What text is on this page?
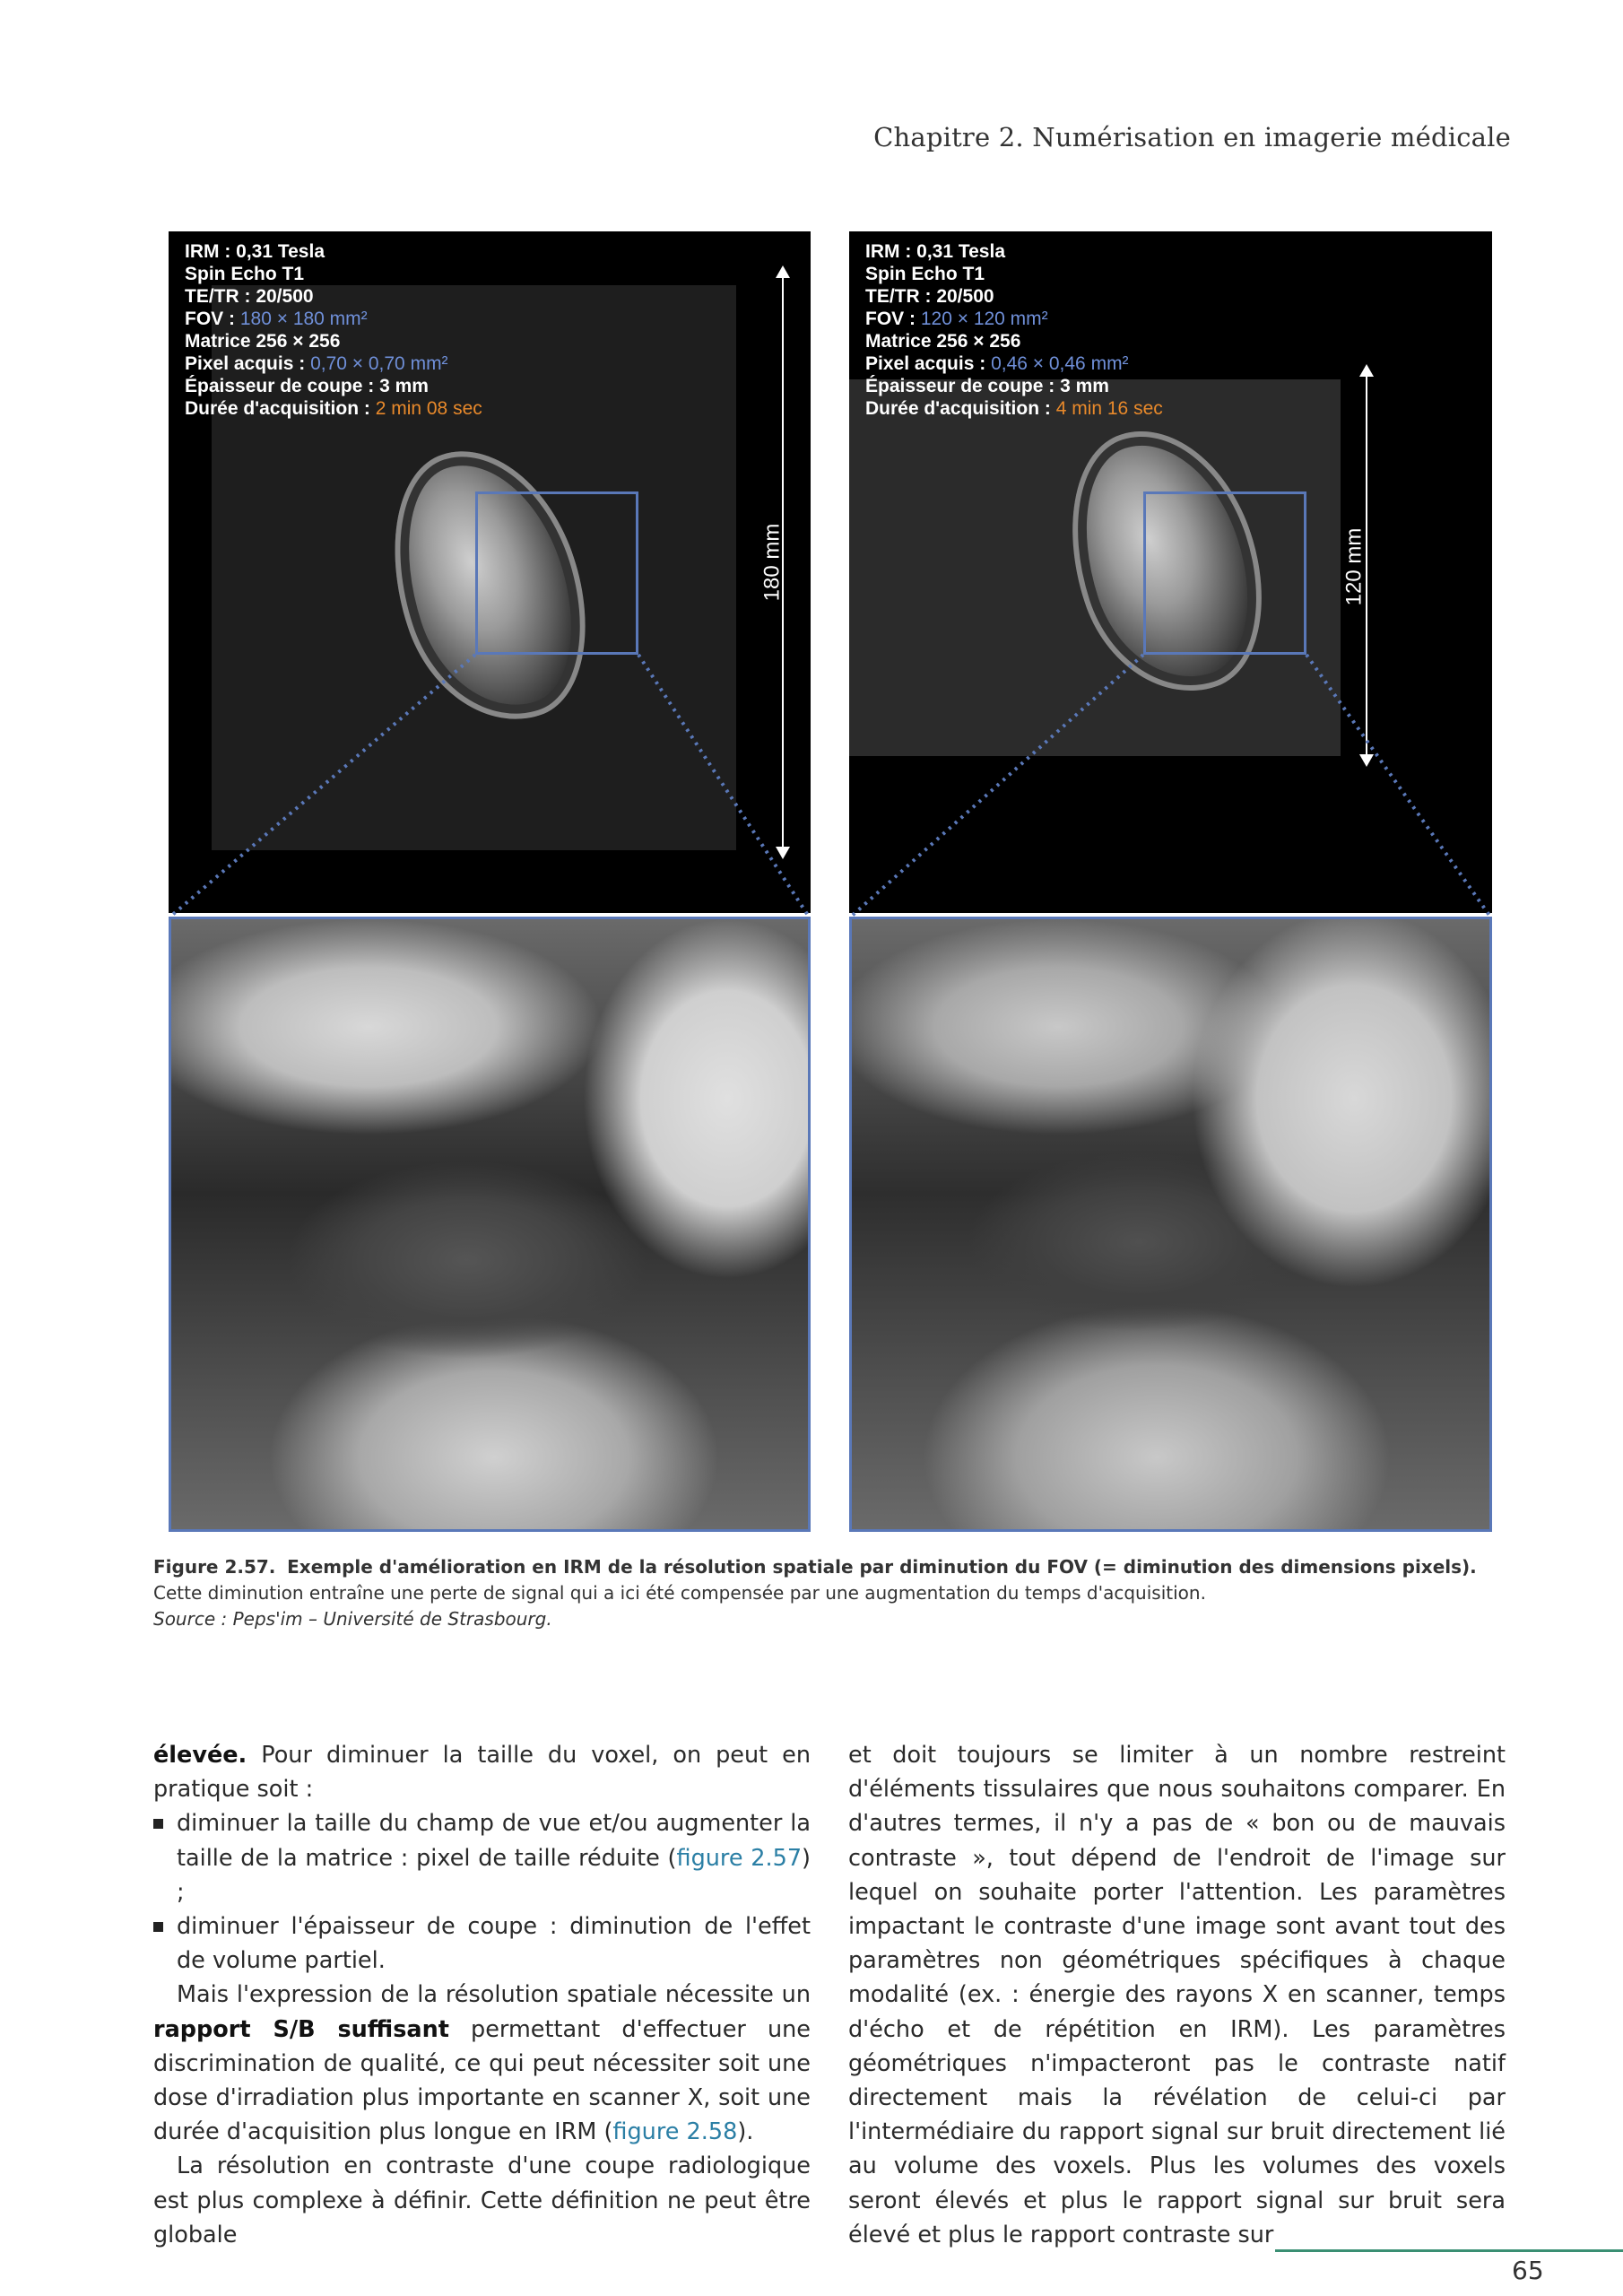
Chapitre 2. Numérisation en imagerie médicale
IRM : 0,31 Tesla
Spin Echo T1
TE/TR : 20/500
FOV : 180 × 180 mm²
Matrice 256 × 256
Pixel acquis : 0,70 × 0,70 mm²
Épaisseur de coupe : 3 mm
Durée d'acquisition : 2 min 08 sec
180 mm
IRM : 0,31 Tesla
Spin Echo T1
TE/TR : 20/500
FOV : 120 × 120 mm²
Matrice 256 × 256
Pixel acquis : 0,46 × 0,46 mm²
Épaisseur de coupe : 3 mm
Durée d'acquisition : 4 min 16 sec
120 mm
Figure 2.57. Exemple d'amélioration en IRM de la résolution spatiale par diminution du FOV (= diminution des dimensions pixels).
Cette diminution entraîne une perte de signal qui a ici été compensée par une augmentation du temps d'acquisition.
Source : Peps'im – Université de Strasbourg.

élevée. Pour diminuer la taille du voxel, on peut en pratique soit :

diminuer la taille du champ de vue et/ou augmenter la taille de la matrice : pixel de taille réduite (figure 2.57) ;
diminuer l'épaisseur de coupe : diminution de l'effet de volume partiel.

Mais l'expression de la résolution spatiale nécessite un rapport S/B suffisant permettant d'effectuer une discrimination de qualité, ce qui peut nécessiter soit une dose d'irradiation plus importante en scanner X, soit une durée d'acquisition plus longue en IRM (figure 2.58).

La résolution en contraste d'une coupe radiologique est plus complexe à définir. Cette définition ne peut être globale

et doit toujours se limiter à un nombre restreint d'éléments tissulaires que nous souhaitons comparer. En d'autres termes, il n'y a pas de « bon ou de mauvais contraste », tout dépend de l'endroit de l'image sur lequel on souhaite porter l'attention. Les paramètres impactant le contraste d'une image sont avant tout des paramètres non géométriques spécifiques à chaque modalité (ex. : énergie des rayons X en scanner, temps d'écho et de répétition en IRM). Les paramètres géométriques n'impacteront pas le contraste natif directement mais la révélation de celui-ci par l'intermédiaire du rapport signal sur bruit directement lié au volume des voxels. Plus les volumes des voxels seront élevés et plus le rapport signal sur bruit sera élevé et plus le rapport contraste sur

65
